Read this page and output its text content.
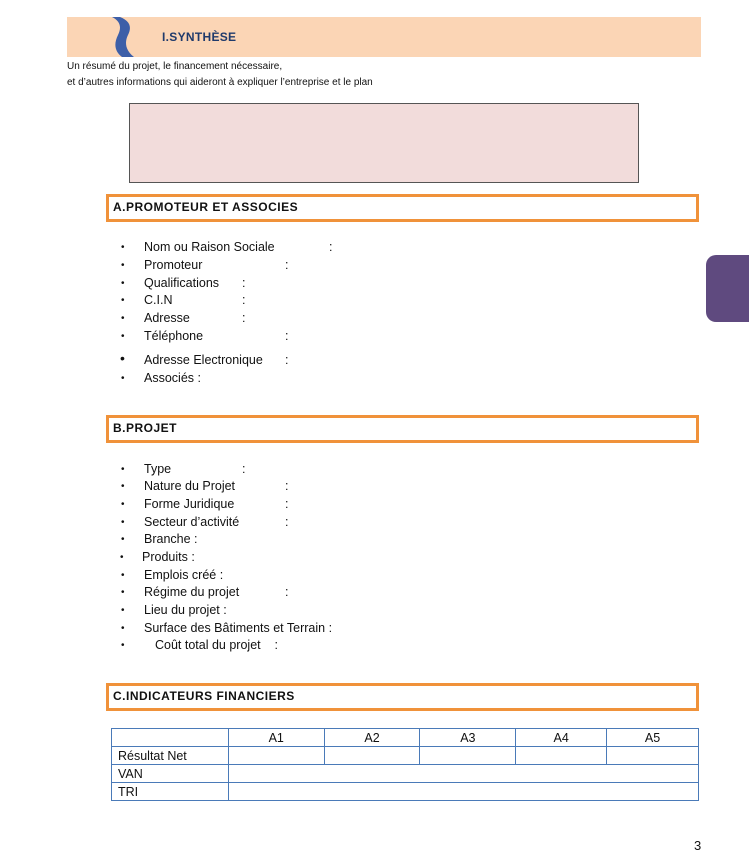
I.SYNTHÈSE
Un résumé du projet, le financement nécessaire,
et d’autres informations qui aideront à expliquer l’entreprise et le plan
A.PROMOTEUR ET ASSOCIES
• Nom ou Raison Sociale	:
• Promoteur	:
• Qualifications :
• C.I.N	:
• Adresse	:
• Téléphone	:
• Adresse Electronique :
• Associés :
B.PROJET
• Type	:
• Nature du Projet	:
• Forme Juridique	:
• Secteur d’activité	:
• Branche :
• Produits :
• Emplois créé :
• Régime du projet	:
• Lieu du projet :
• Surface des Bâtiments et Terrain :
• Coût total du projet    :
C.INDICATEURS FINANCIERS
	A1	A2	A3	A4	A5
Résultat Net					
VAN					
TRI					
3
